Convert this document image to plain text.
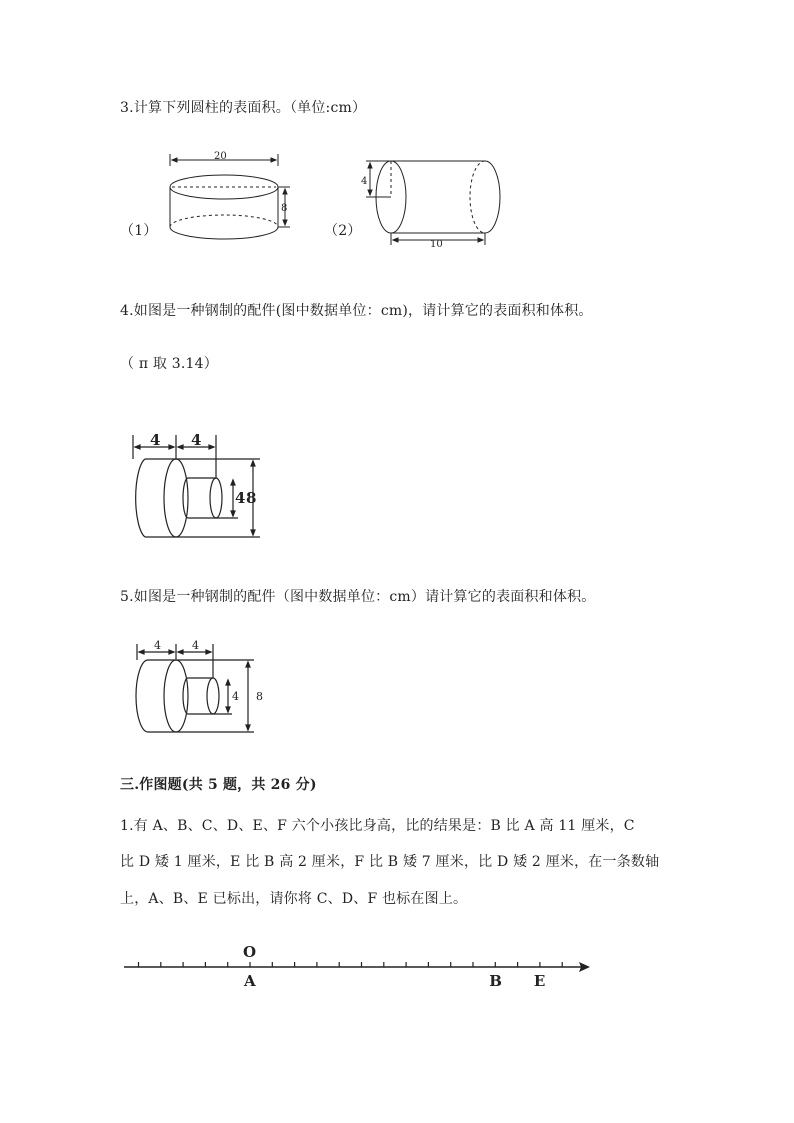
3.计算下列圆柱的表面积。（单位:cm）
（1）
20
8
（2）
4
10
4.如图是一种钢制的配件(图中数据单位：cm)，请计算它的表面积和体积。
（ π 取 3.14）
4 4
4 8
5.如图是一种钢制的配件（图中数据单位：cm）请计算它的表面积和体积。
4	4
4 8
三.作图题(共 5 题，共 26 分)
1.有 A、B、C、D、E、F 六个小孩比身高，比的结果是：B 比 A 高 11 厘米，C
比 D 矮 1 厘米，E 比 B 高 2 厘米，F 比 B 矮 7 厘米，比 D 矮 2 厘米，在一条数轴
上，A、B、E 已标出，请你将 C、D、F 也标在图上。
O
A	B E
